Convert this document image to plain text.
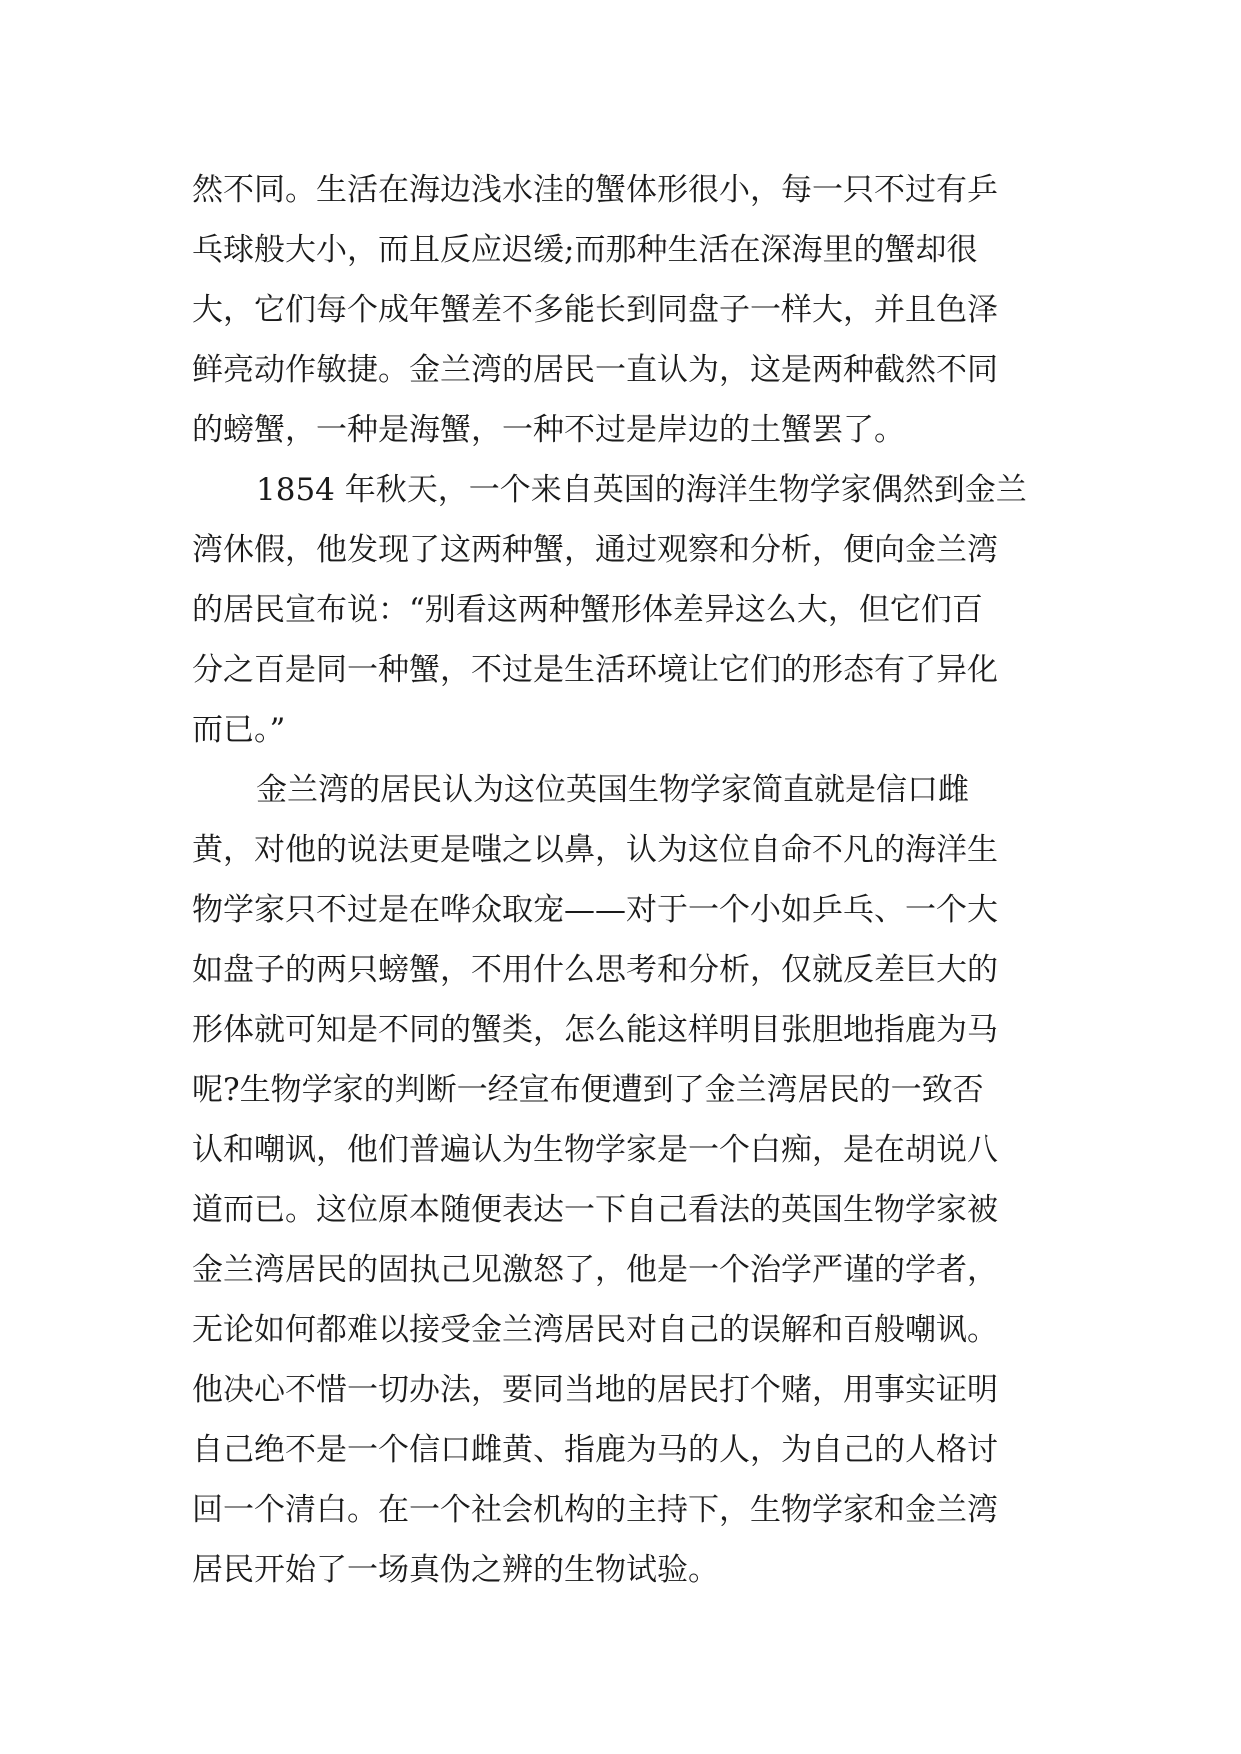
然不同。生活在海边浅水洼的蟹体形很小，每一只不过有乒
乓球般大小，而且反应迟缓;而那种生活在深海里的蟹却很
大，它们每个成年蟹差不多能长到同盘子一样大，并且色泽
鲜亮动作敏捷。金兰湾的居民一直认为，这是两种截然不同
的螃蟹，一种是海蟹，一种不过是岸边的土蟹罢了。
1854 年秋天，一个来自英国的海洋生物学家偶然到金兰
湾休假，他发现了这两种蟹，通过观察和分析，便向金兰湾
的居民宣布说：“别看这两种蟹形体差异这么大，但它们百
分之百是同一种蟹，不过是生活环境让它们的形态有了异化
而已。”
金兰湾的居民认为这位英国生物学家简直就是信口雌
黄，对他的说法更是嗤之以鼻，认为这位自命不凡的海洋生
物学家只不过是在哗众取宠——对于一个小如乒乓、一个大
如盘子的两只螃蟹，不用什么思考和分析，仅就反差巨大的
形体就可知是不同的蟹类，怎么能这样明目张胆地指鹿为马
呢?生物学家的判断一经宣布便遭到了金兰湾居民的一致否
认和嘲讽，他们普遍认为生物学家是一个白痴，是在胡说八
道而已。这位原本随便表达一下自己看法的英国生物学家被
金兰湾居民的固执己见激怒了，他是一个治学严谨的学者，
无论如何都难以接受金兰湾居民对自己的误解和百般嘲讽。
他决心不惜一切办法，要同当地的居民打个赌，用事实证明
自己绝不是一个信口雌黄、指鹿为马的人，为自己的人格讨
回一个清白。在一个社会机构的主持下，生物学家和金兰湾
居民开始了一场真伪之辨的生物试验。
